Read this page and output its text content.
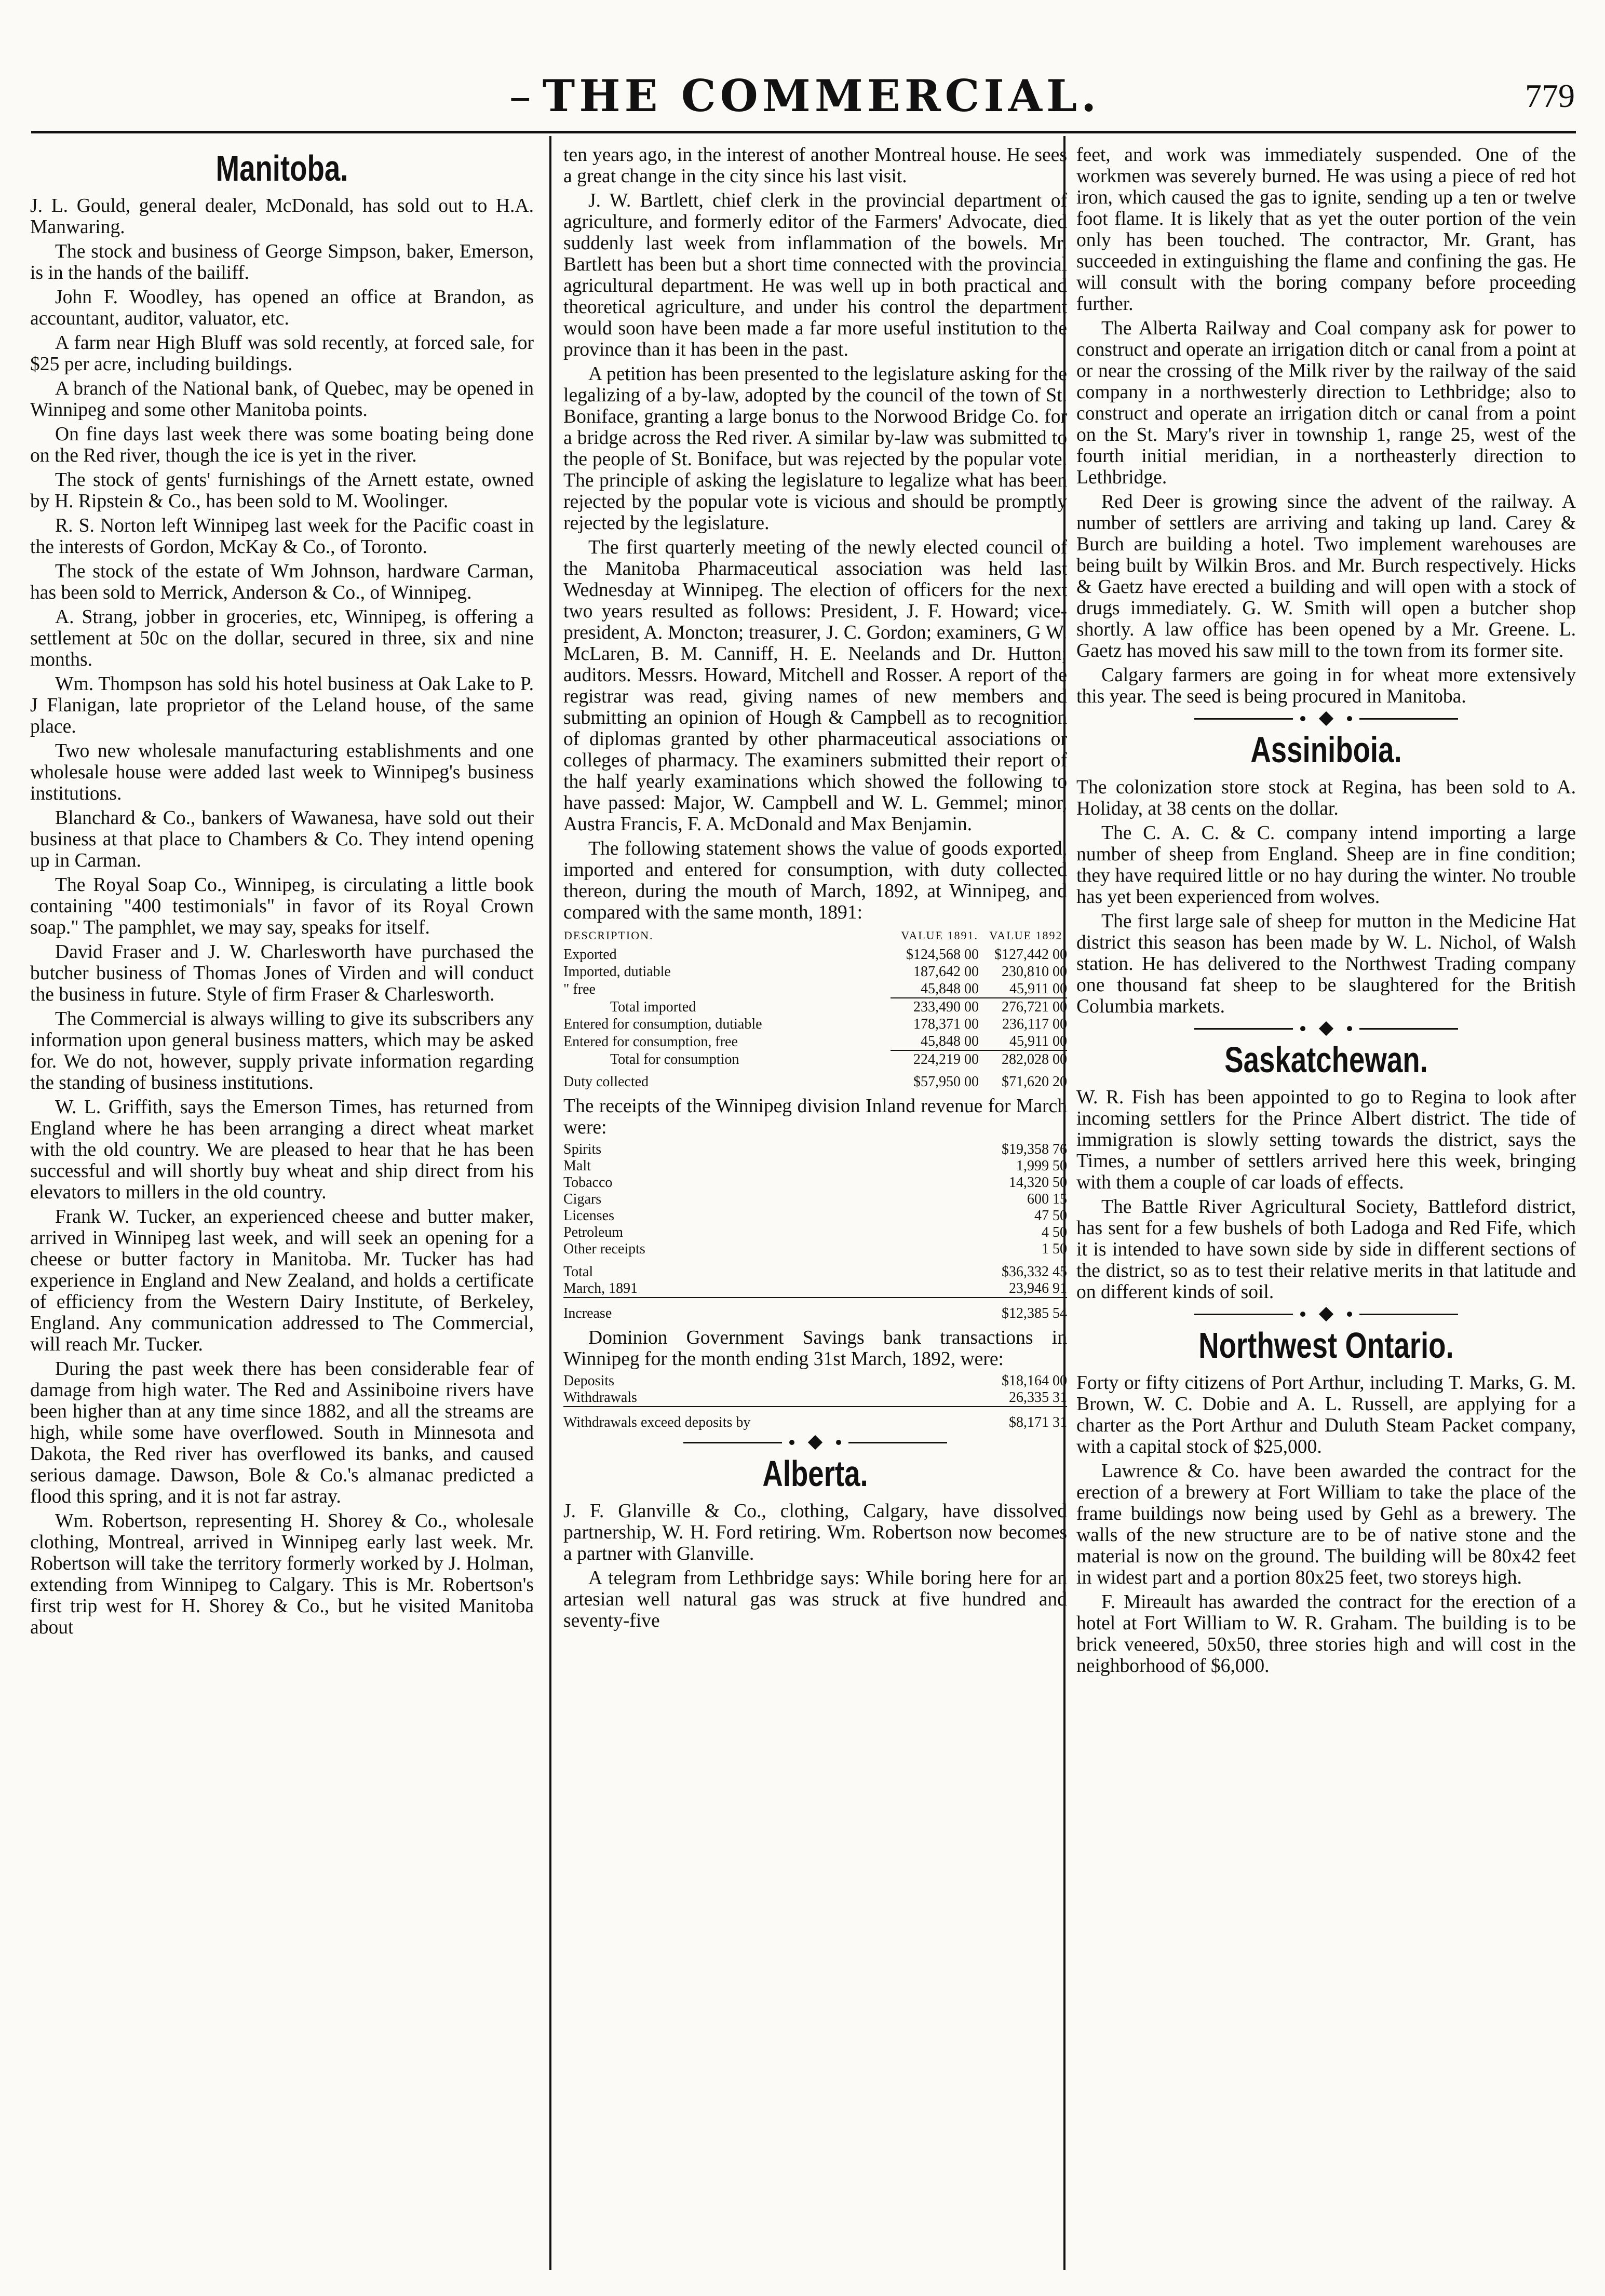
– THE COMMERCIAL.	779
Manitoba.

J. L. Gould, general dealer, McDonald, has sold out to H.A. Manwaring.

The stock and business of George Simpson, baker, Emerson, is in the hands of the bailiff.

John F. Woodley, has opened an office at Brandon, as accountant, auditor, valuator, etc.

A farm near High Bluff was sold recently, at forced sale, for $25 per acre, including buildings.

A branch of the National bank, of Quebec, may be opened in Winnipeg and some other Manitoba points.

On fine days last week there was some boating being done on the Red river, though the ice is yet in the river.

The stock of gents' furnishings of the Arnett estate, owned by H. Ripstein & Co., has been sold to M. Woolinger.

R. S. Norton left Winnipeg last week for the Pacific coast in the interests of Gordon, McKay & Co., of Toronto.

The stock of the estate of Wm Johnson, hardware Carman, has been sold to Merrick, Anderson & Co., of Winnipeg.

A. Strang, jobber in groceries, etc, Winnipeg, is offering a settlement at 50c on the dollar, secured in three, six and nine months.

Wm. Thompson has sold his hotel business at Oak Lake to P. J Flanigan, late proprietor of the Leland house, of the same place.

Two new wholesale manufacturing establishments and one wholesale house were added last week to Winnipeg's business institutions.

Blanchard & Co., bankers of Wawanesa, have sold out their business at that place to Chambers & Co. They intend opening up in Carman.

The Royal Soap Co., Winnipeg, is circulating a little book containing "400 testimonials" in favor of its Royal Crown soap." The pamphlet, we may say, speaks for itself.

David Fraser and J. W. Charlesworth have purchased the butcher business of Thomas Jones of Virden and will conduct the business in future. Style of firm Fraser & Charlesworth.

The Commercial is always willing to give its subscribers any information upon general business matters, which may be asked for. We do not, however, supply private information regarding the standing of business institutions.

W. L. Griffith, says the Emerson Times, has returned from England where he has been arranging a direct wheat market with the old country. We are pleased to hear that he has been successful and will shortly buy wheat and ship direct from his elevators to millers in the old country.

Frank W. Tucker, an experienced cheese and butter maker, arrived in Winnipeg last week, and will seek an opening for a cheese or butter factory in Manitoba. Mr. Tucker has had experience in England and New Zealand, and holds a certificate of efficiency from the Western Dairy Institute, of Berkeley, England. Any communication addressed to The Commercial, will reach Mr. Tucker.

During the past week there has been considerable fear of damage from high water. The Red and Assiniboine rivers have been higher than at any time since 1882, and all the streams are high, while some have overflowed. South in Minnesota and Dakota, the Red river has overflowed its banks, and caused serious damage. Dawson, Bole & Co.'s almanac predicted a flood this spring, and it is not far astray.

Wm. Robertson, representing H. Shorey & Co., wholesale clothing, Montreal, arrived in Winnipeg early last week. Mr. Robertson will take the territory formerly worked by J. Holman, extending from Winnipeg to Calgary. This is Mr. Robertson's first trip west for H. Shorey & Co., but he visited Manitoba about

ten years ago, in the interest of another Montreal house. He sees a great change in the city since his last visit.

J. W. Bartlett, chief clerk in the provincial department of agriculture, and formerly editor of the Farmers' Advocate, died suddenly last week from inflammation of the bowels. Mr. Bartlett has been but a short time connected with the provincial agricultural department. He was well up in both practical and theoretical agriculture, and under his control the department would soon have been made a far more useful institution to the province than it has been in the past.

A petition has been presented to the legislature asking for the legalizing of a by-law, adopted by the council of the town of St. Boniface, granting a large bonus to the Norwood Bridge Co. for a bridge across the Red river. A similar by-law was submitted to the people of St. Boniface, but was rejected by the popular vote. The principle of asking the legislature to legalize what has been rejected by the popular vote is vicious and should be promptly rejected by the legislature.

The first quarterly meeting of the newly elected council of the Manitoba Pharmaceutical association was held last Wednesday at Winnipeg. The election of officers for the next two years resulted as follows: President, J. F. Howard; vice-president, A. Moncton; treasurer, J. C. Gordon; examiners, G W. McLaren, B. M. Canniff, H. E. Neelands and Dr. Hutton; auditors. Messrs. Howard, Mitchell and Rosser. A report of the registrar was read, giving names of new members and submitting an opinion of Hough & Campbell as to recognition of diplomas granted by other pharmaceutical associations or colleges of pharmacy. The examiners submitted their report of the half yearly examinations which showed the following to have passed: Major, W. Campbell and W. L. Gemmel; minor, Austra Francis, F. A. McDonald and Max Benjamin.

The following statement shows the value of goods exported, imported and entered for consumption, with duty collected thereon, during the mouth of March, 1892, at Winnipeg, and compared with the same month, 1891:

DESCRIPTION.	VALUE 1891.	VALUE 1892.
Exported	$124,568 00	$127,442 00
Imported, dutiable	187,642 00	230,810 00
" free	45,848 00	45,911 00
Total imported	233,490 00	276,721 00
Entered for consumption, dutiable	178,371 00	236,117 00
Entered for consumption, free	45,848 00	45,911 00
Total for consumption	224,219 00	282,028 00
Duty collected	$57,950 00	$71,620 20

The receipts of the Winnipeg division Inland revenue for March were:

Spirits	$19,358 76
Malt	1,999 50
Tobacco	14,320 50
Cigars	600 15
Licenses	47 50
Petroleum	4 50
Other receipts	1 50
Total	$36,332 45
March, 1891	23,946 91
Increase	$12,385 54

Dominion Government Savings bank transactions in Winnipeg for the month ending 31st March, 1892, were:

Deposits	$18,164 00
Withdrawals	26,335 31
Withdrawals exceed deposits by	$8,171 31
Alberta.

J. F. Glanville & Co., clothing, Calgary, have dissolved partnership, W. H. Ford retiring. Wm. Robertson now becomes a partner with Glanville.

A telegram from Lethbridge says: While boring here for an artesian well natural gas was struck at five hundred and seventy-five

feet, and work was immediately suspended. One of the workmen was severely burned. He was using a piece of red hot iron, which caused the gas to ignite, sending up a ten or twelve foot flame. It is likely that as yet the outer portion of the vein only has been touched. The contractor, Mr. Grant, has succeeded in extinguishing the flame and confining the gas. He will consult with the boring company before proceeding further.

The Alberta Railway and Coal company ask for power to construct and operate an irrigation ditch or canal from a point at or near the crossing of the Milk river by the railway of the said company in a northwesterly direction to Lethbridge; also to construct and operate an irrigation ditch or canal from a point on the St. Mary's river in township 1, range 25, west of the fourth initial meridian, in a northeasterly direction to Lethbridge.

Red Deer is growing since the advent of the railway. A number of settlers are arriving and taking up land. Carey & Burch are building a hotel. Two implement warehouses are being built by Wilkin Bros. and Mr. Burch respectively. Hicks & Gaetz have erected a building and will open with a stock of drugs immediately. G. W. Smith will open a butcher shop shortly. A law office has been opened by a Mr. Greene. L. Gaetz has moved his saw mill to the town from its former site.

Calgary farmers are going in for wheat more extensively this year. The seed is being procured in Manitoba.

Assiniboia.

The colonization store stock at Regina, has been sold to A. Holiday, at 38 cents on the dollar.

The C. A. C. & C. company intend importing a large number of sheep from England. Sheep are in fine condition; they have required little or no hay during the winter. No trouble has yet been experienced from wolves.

The first large sale of sheep for mutton in the Medicine Hat district this season has been made by W. L. Nichol, of Walsh station. He has delivered to the Northwest Trading company one thousand fat sheep to be slaughtered for the British Columbia markets.

Saskatchewan.

W. R. Fish has been appointed to go to Regina to look after incoming settlers for the Prince Albert district. The tide of immigration is slowly setting towards the district, says the Times, a number of settlers arrived here this week, bringing with them a couple of car loads of effects.

The Battle River Agricultural Society, Battleford district, has sent for a few bushels of both Ladoga and Red Fife, which it is intended to have sown side by side in different sections of the district, so as to test their relative merits in that latitude and on different kinds of soil.

Northwest Ontario.

Forty or fifty citizens of Port Arthur, including T. Marks, G. M. Brown, W. C. Dobie and A. L. Russell, are applying for a charter as the Port Arthur and Duluth Steam Packet company, with a capital stock of $25,000.

Lawrence & Co. have been awarded the contract for the erection of a brewery at Fort William to take the place of the frame buildings now being used by Gehl as a brewery. The walls of the new structure are to be of native stone and the material is now on the ground. The building will be 80x42 feet in widest part and a portion 80x25 feet, two storeys high.

F. Mireault has awarded the contract for the erection of a hotel at Fort William to W. R. Graham. The building is to be brick veneered, 50x50, three stories high and will cost in the neighborhood of $6,000.
